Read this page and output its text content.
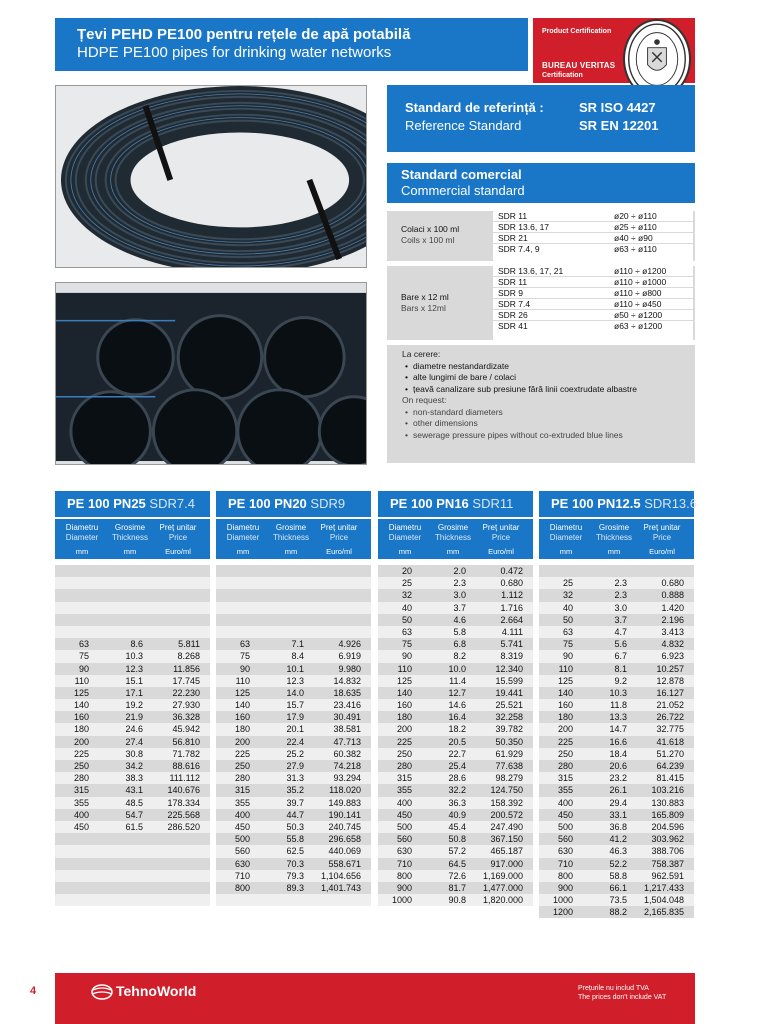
Țevi PEHD PE100 pentru rețele de apă potabilă
HDPE PE100 pipes for drinking water networks
Product Certification
BUREAU VERITAS
Certification
Standard de referință :
Reference Standard
SR ISO 4427
SR EN 12201
Standard comercial
Commercial standard
Colaci x 100 ml
Coils x 100 ml
SDR 11	ø20 ÷ ø110
SDR 13.6, 17	ø25 ÷ ø110
SDR 21	ø40 ÷ ø90
SDR 7.4, 9	ø63 ÷ ø110
Bare x 12 ml
Bars x 12ml
SDR 13.6, 17, 21	ø110 ÷ ø1200
SDR 11	ø110 ÷ ø1000
SDR 9	ø110 ÷ ø800
SDR 7.4	ø110 ÷ ø450
SDR 26	ø50 ÷ ø1200
SDR 41	ø63 ÷ ø1200
La cerere:
• diametre nestandardizate
• alte lungimi de bare / colaci
• țeavă canalizare sub presiune fără linii coextrudate albastre
On request:
• non-standard diameters
• other dimensions
• sewerage pressure pipes without co-extruded blue lines
PE 100 PN25 SDR7.4
Diametru
Diameter
mm
Grosime
Thickness
mm
Preț unitar
Price
Euro/ml
63	8.6	5.811
75	10.3	8.268
90	12.3	11.856
110	15.1	17.745
125	17.1	22.230
140	19.2	27.930
160	21.9	36.328
180	24.6	45.942
200	27.4	56.810
225	30.8	71.782
250	34.2	88.616
280	38.3	111.112
315	43.1	140.676
355	48.5	178.334
400	54.7	225.568
450	61.5	286.520
PE 100 PN20 SDR9
Diametru
Diameter
mm
Grosime
Thickness
mm
Preț unitar
Price
Euro/ml
63	7.1	4.926
75	8.4	6.919
90	10.1	9.980
110	12.3	14.832
125	14.0	18.635
140	15.7	23.416
160	17.9	30.491
180	20.1	38.581
200	22.4	47.713
225	25.2	60.382
250	27.9	74.218
280	31.3	93.294
315	35.2	118.020
355	39.7	149.883
400	44.7	190.141
450	50.3	240.745
500	55.8	296.658
560	62.5	440.069
630	70.3	558.671
710	79.3	1,104.656
800	89.3	1,401.743
PE 100 PN16 SDR11
Diametru
Diameter
mm
Grosime
Thickness
mm
Preț unitar
Price
Euro/ml
20	2.0	0.472
25	2.3	0.680
32	3.0	1.112
40	3.7	1.716
50	4.6	2.664
63	5.8	4.111
75	6.8	5.741
90	8.2	8.319
110	10.0	12.340
125	11.4	15.599
140	12.7	19.441
160	14.6	25.521
180	16.4	32.258
200	18.2	39.782
225	20.5	50.350
250	22.7	61.929
280	25.4	77.638
315	28.6	98.279
355	32.2	124.750
400	36.3	158.392
450	40.9	200.572
500	45.4	247.490
560	50.8	367.150
630	57.2	465.187
710	64.5	917.000
800	72.6	1,169.000
900	81.7	1,477.000
1000	90.8	1,820.000
PE 100 PN12.5 SDR13.6
Diametru
Diameter
mm
Grosime
Thickness
mm
Preț unitar
Price
Euro/ml
25	2.3	0.680
32	2.3	0.888
40	3.0	1.420
50	3.7	2.196
63	4.7	3.413
75	5.6	4.832
90	6.7	6.923
110	8.1	10.257
125	9.2	12.878
140	10.3	16.127
160	11.8	21.052
180	13.3	26.722
200	14.7	32.775
225	16.6	41.618
250	18.4	51.270
280	20.6	64.239
315	23.2	81.415
355	26.1	103.216
400	29.4	130.883
450	33.1	165.809
500	36.8	204.596
560	41.2	303.962
630	46.3	388.706
710	52.2	758.387
800	58.8	962.591
900	66.1	1,217.433
1000	73.5	1,504.048
1200	88.2	2,165.835
4	TehnoWorld	Prețurile nu includ TVA
The prices don't include VAT
